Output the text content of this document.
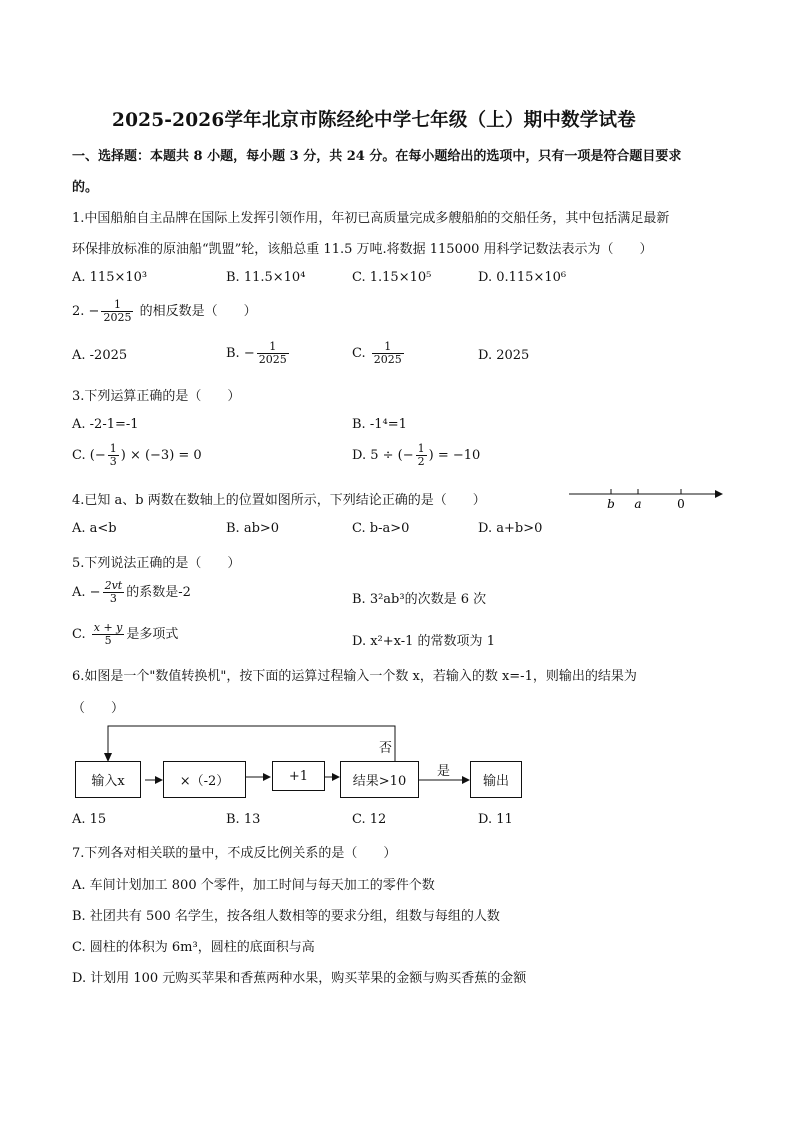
2025-2026学年北京市陈经纶中学七年级（上）期中数学试卷
一、选择题：本题共 8 小题，每小题 3 分，共 24 分。在每小题给出的选项中，只有一项是符合题目要求
的。
1.中国船舶自主品牌在国际上发挥引领作用，年初已高质量完成多艘船舶的交船任务，其中包括满足最新
环保排放标准的原油船“凯盟”轮，该船总重 11.5 万吨.将数据 115000 用科学记数法表示为（　　）
A. 115×10³	B. 11.5×10⁴	C. 1.15×10⁵	D. 0.115×10⁶
2. − $\frac{1}{2025}$ 的相反数是（　　）
A. -2025	B. − $\frac{1}{2025}$	C. $\frac{1}{2025}$	D. 2025
3.下列运算正确的是（　　）
A. -2-1=-1	B. -1⁴=1
C. (− $\frac{1}{3}$ ) × (−3) = 0	D. 5 ÷ (− $\frac{1}{2}$ ) = −10
4.已知 a、b 两数在数轴上的位置如图所示，下列结论正确的是（　　）	b a	0
A. a<b	B. ab>0	C. b-a>0	D. a+b>0
5.下列说法正确的是（　　）
A. − $\frac{2vt}{3}$ 的系数是-2	B. 3²ab³的次数是 6 次
C. $\frac{x + y}{5}$ 是多项式	D. x²+x-1 的常数项为 1
6.如图是一个"数值转换机"，按下面的运算过程输入一个数 x，若输入的数 x=-1，则输出的结果为
（　　）
输入x	×（-2）	+1	结果>10	输出
否
是
A. 15	B. 13	C. 12	D. 11
7.下列各对相关联的量中，不成反比例关系的是（　　）
A. 车间计划加工 800 个零件，加工时间与每天加工的零件个数
B. 社团共有 500 名学生，按各组人数相等的要求分组，组数与每组的人数
C. 圆柱的体积为 6m³，圆柱的底面积与高
D. 计划用 100 元购买苹果和香蕉两种水果，购买苹果的金额与购买香蕉的金额
